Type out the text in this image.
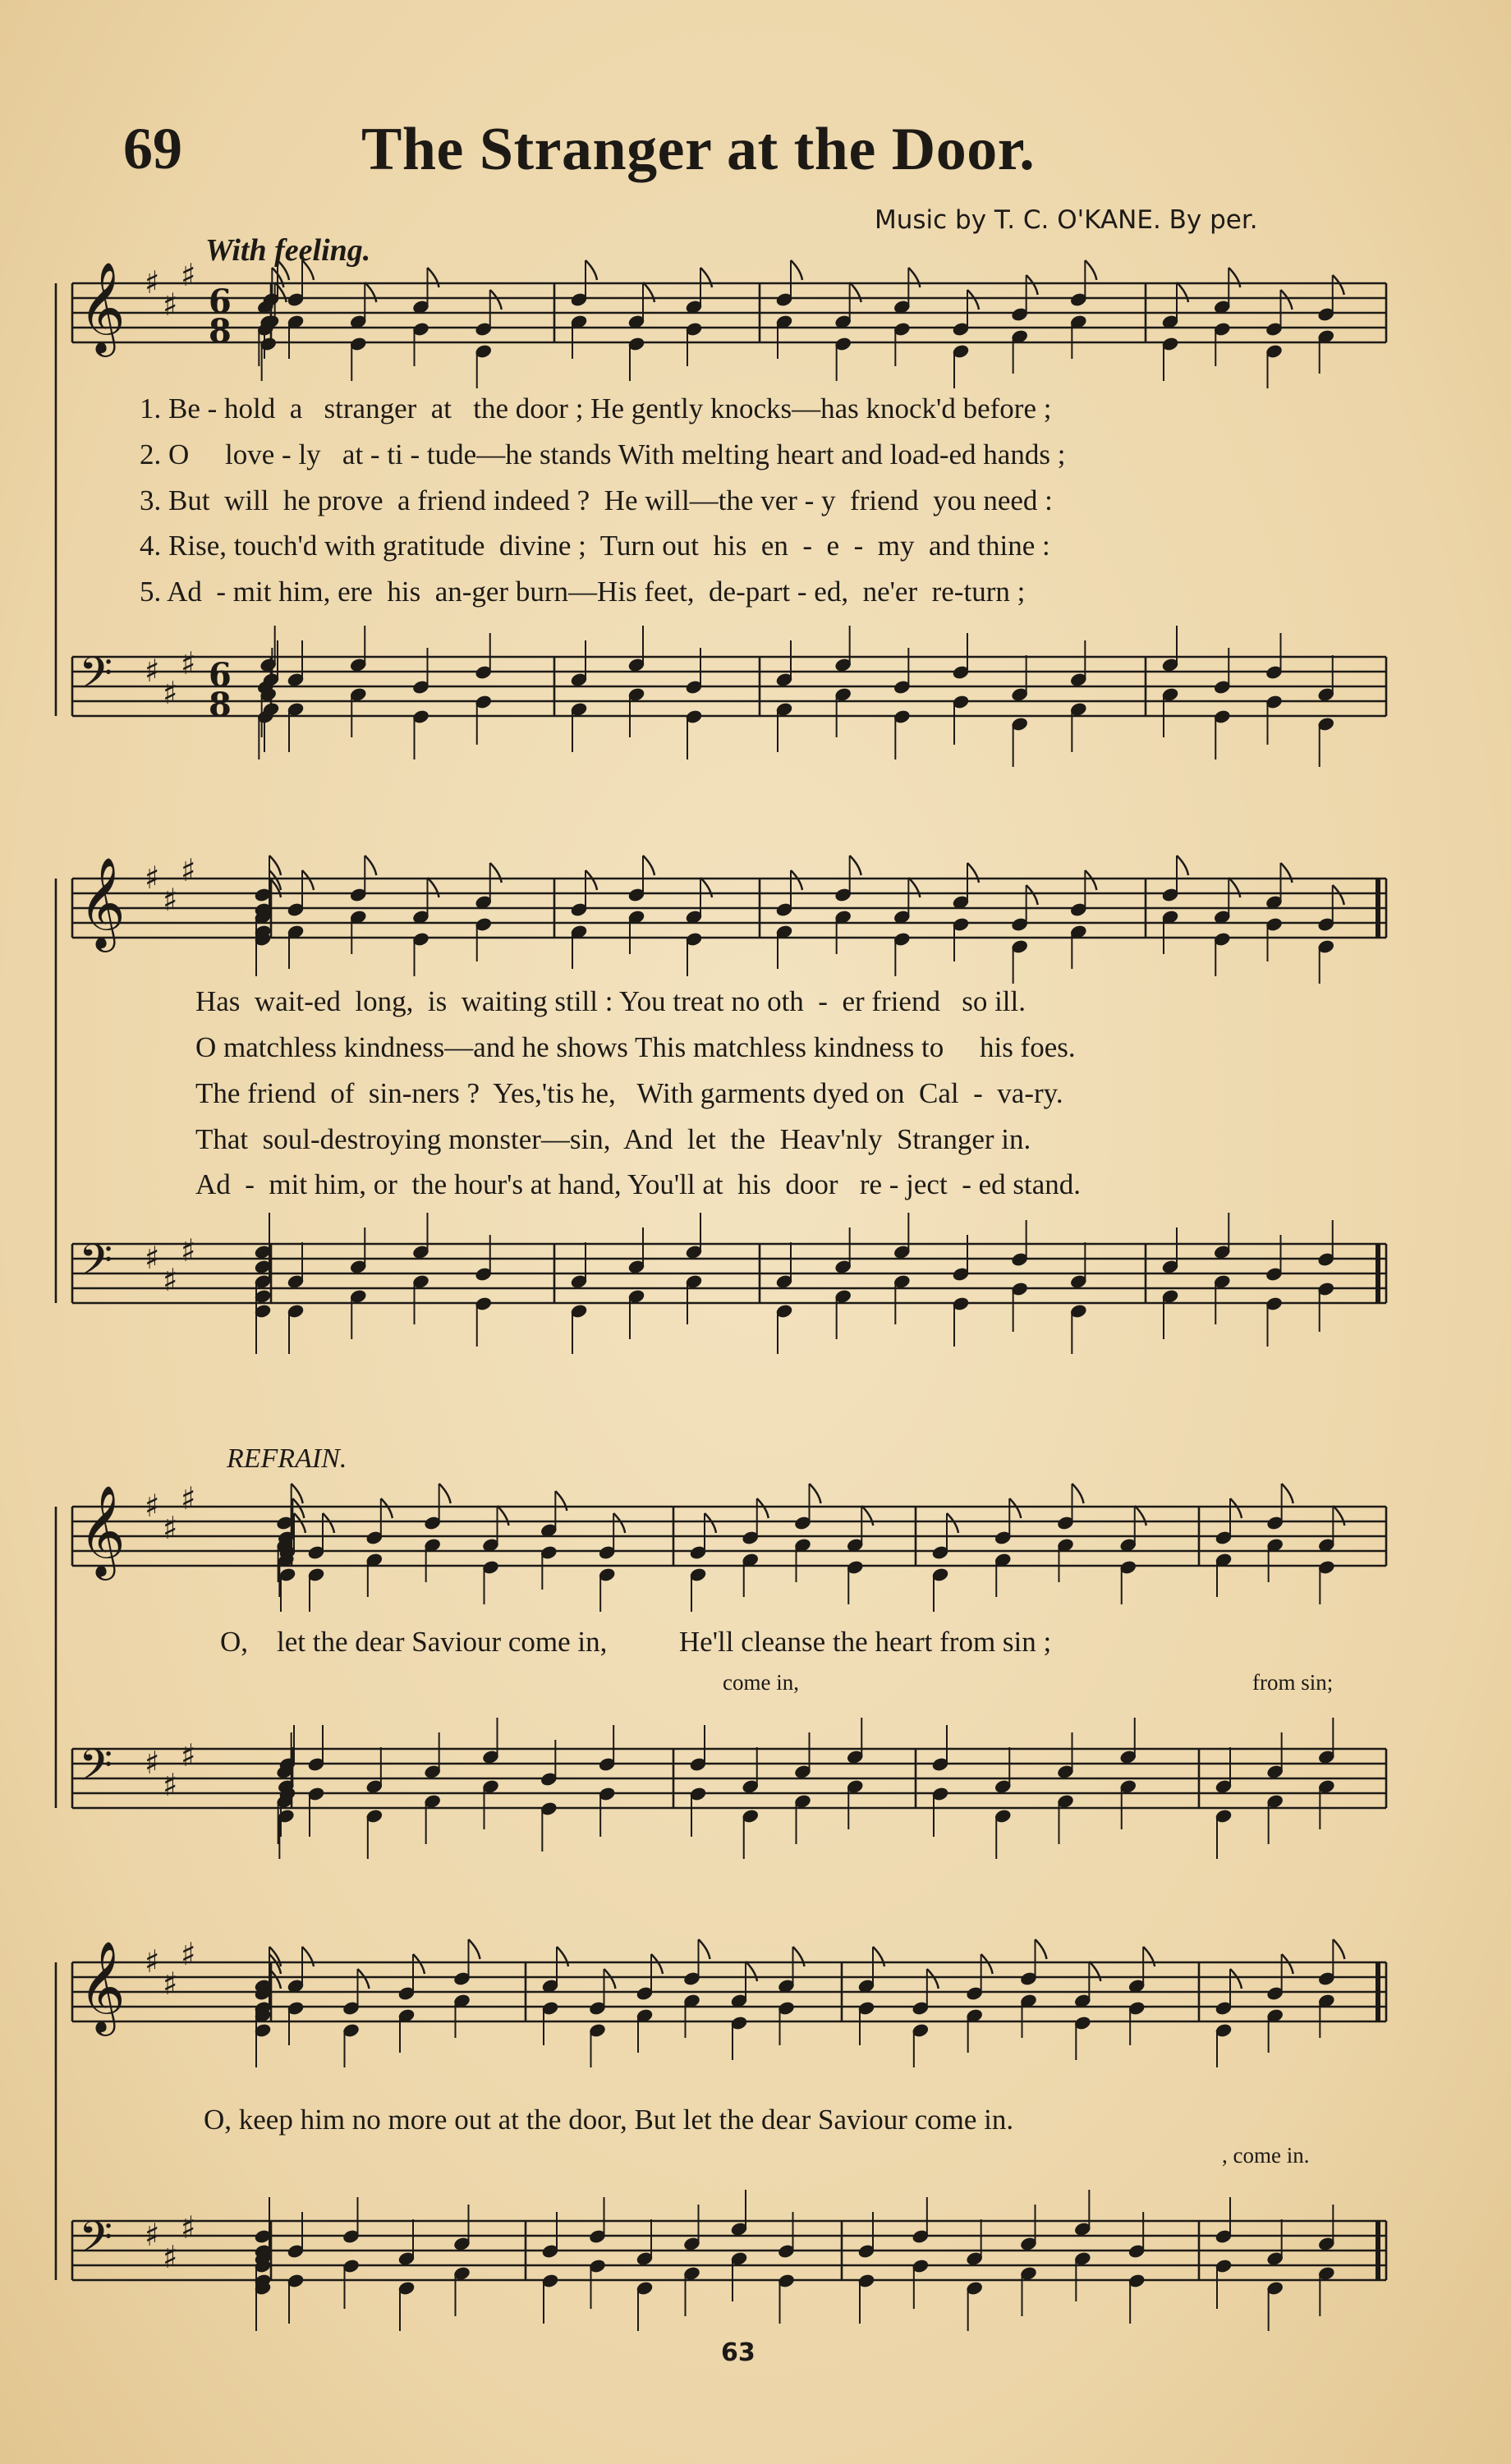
69	The Stranger at the Door.
Music by T. C. O'KANE. By per.
With feeling.
𝄞 ♯
♯
♯
6
8
𝄢 ♯
♯
♯ 6
8
𝄞 ♯
♯
♯
𝄢 ♯
♯
♯
𝄞 ♯
♯
♯
𝄢 ♯
♯
♯
𝄞 ♯
♯
♯
𝄢 ♯
♯
♯
1. Be - hold  a   stranger  at   the door ; He gently knocks—has knock'd before ;
2. O     love - ly   at - ti - tude—he stands With melting heart and load-ed hands ;
3. But  will  he prove  a friend indeed ?  He will—the ver - y  friend  you need :
4. Rise, touch'd with gratitude  divine ;  Turn out  his  en  -  e  -  my  and thine :
5. Ad  - mit him, ere  his  an-ger burn—His feet,  de-part - ed,  ne'er  re-turn ;
Has  wait-ed  long,  is  waiting still : You treat no oth  -  er friend   so ill.
O matchless kindness—and he shows This matchless kindness to     his foes.
The friend  of  sin-ners ?  Yes,'tis he,   With garments dyed on  Cal  -  va-ry.
That  soul-destroying monster—sin,  And  let  the  Heav'nly  Stranger in.
Ad  -  mit him, or  the hour's at hand, You'll at  his  door   re - ject  - ed stand.
REFRAIN.
O,    let the dear Saviour come in,          He'll cleanse the heart from sin ;
come in,	from sin;
O, keep him no more out at the door, But let the dear Saviour come in.
, come in.
63
